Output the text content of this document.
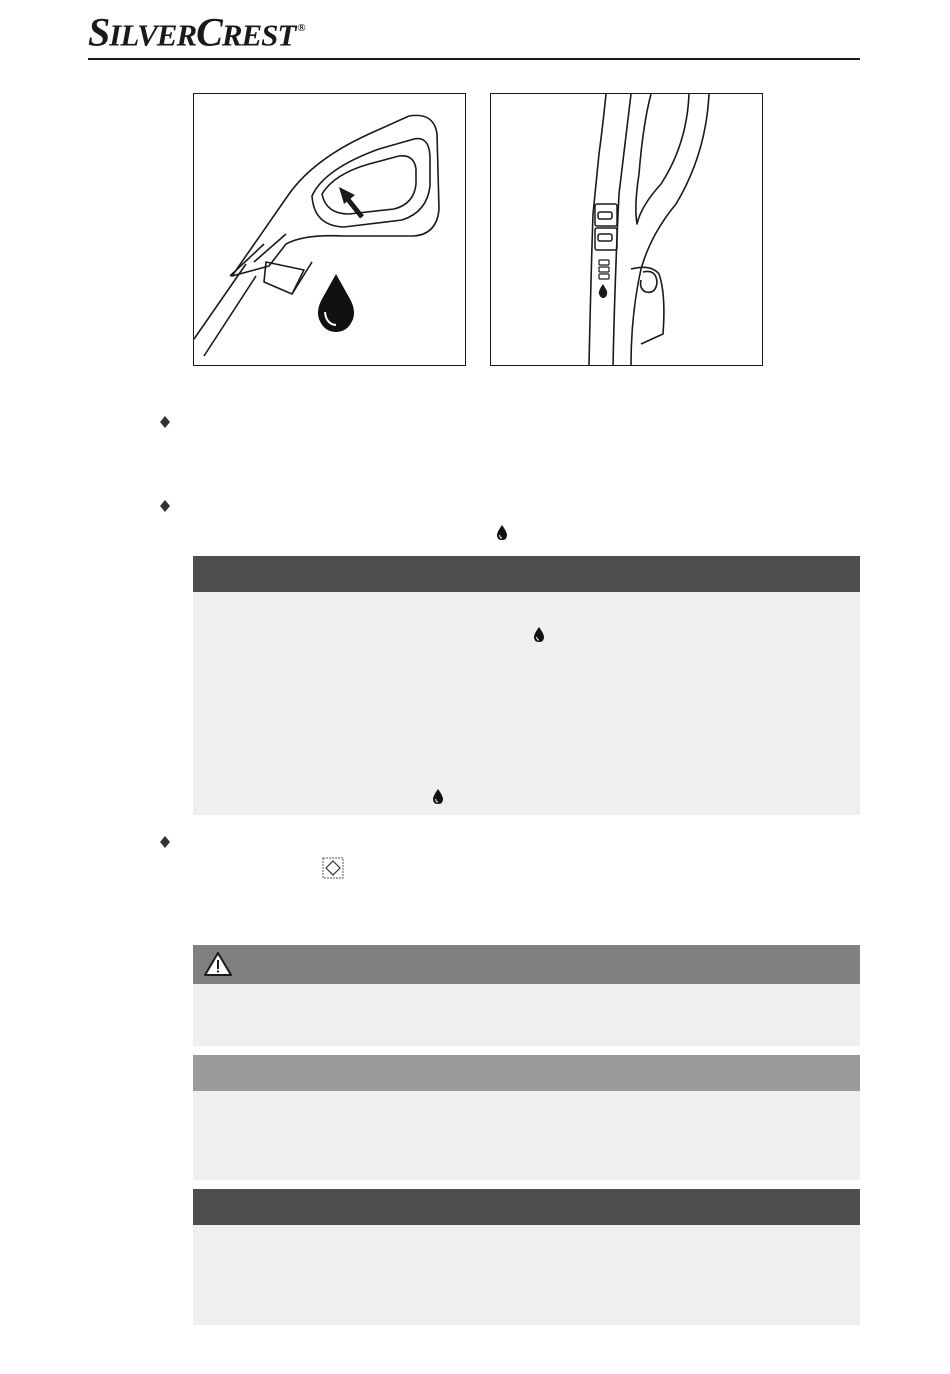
SILVERCREST ®
